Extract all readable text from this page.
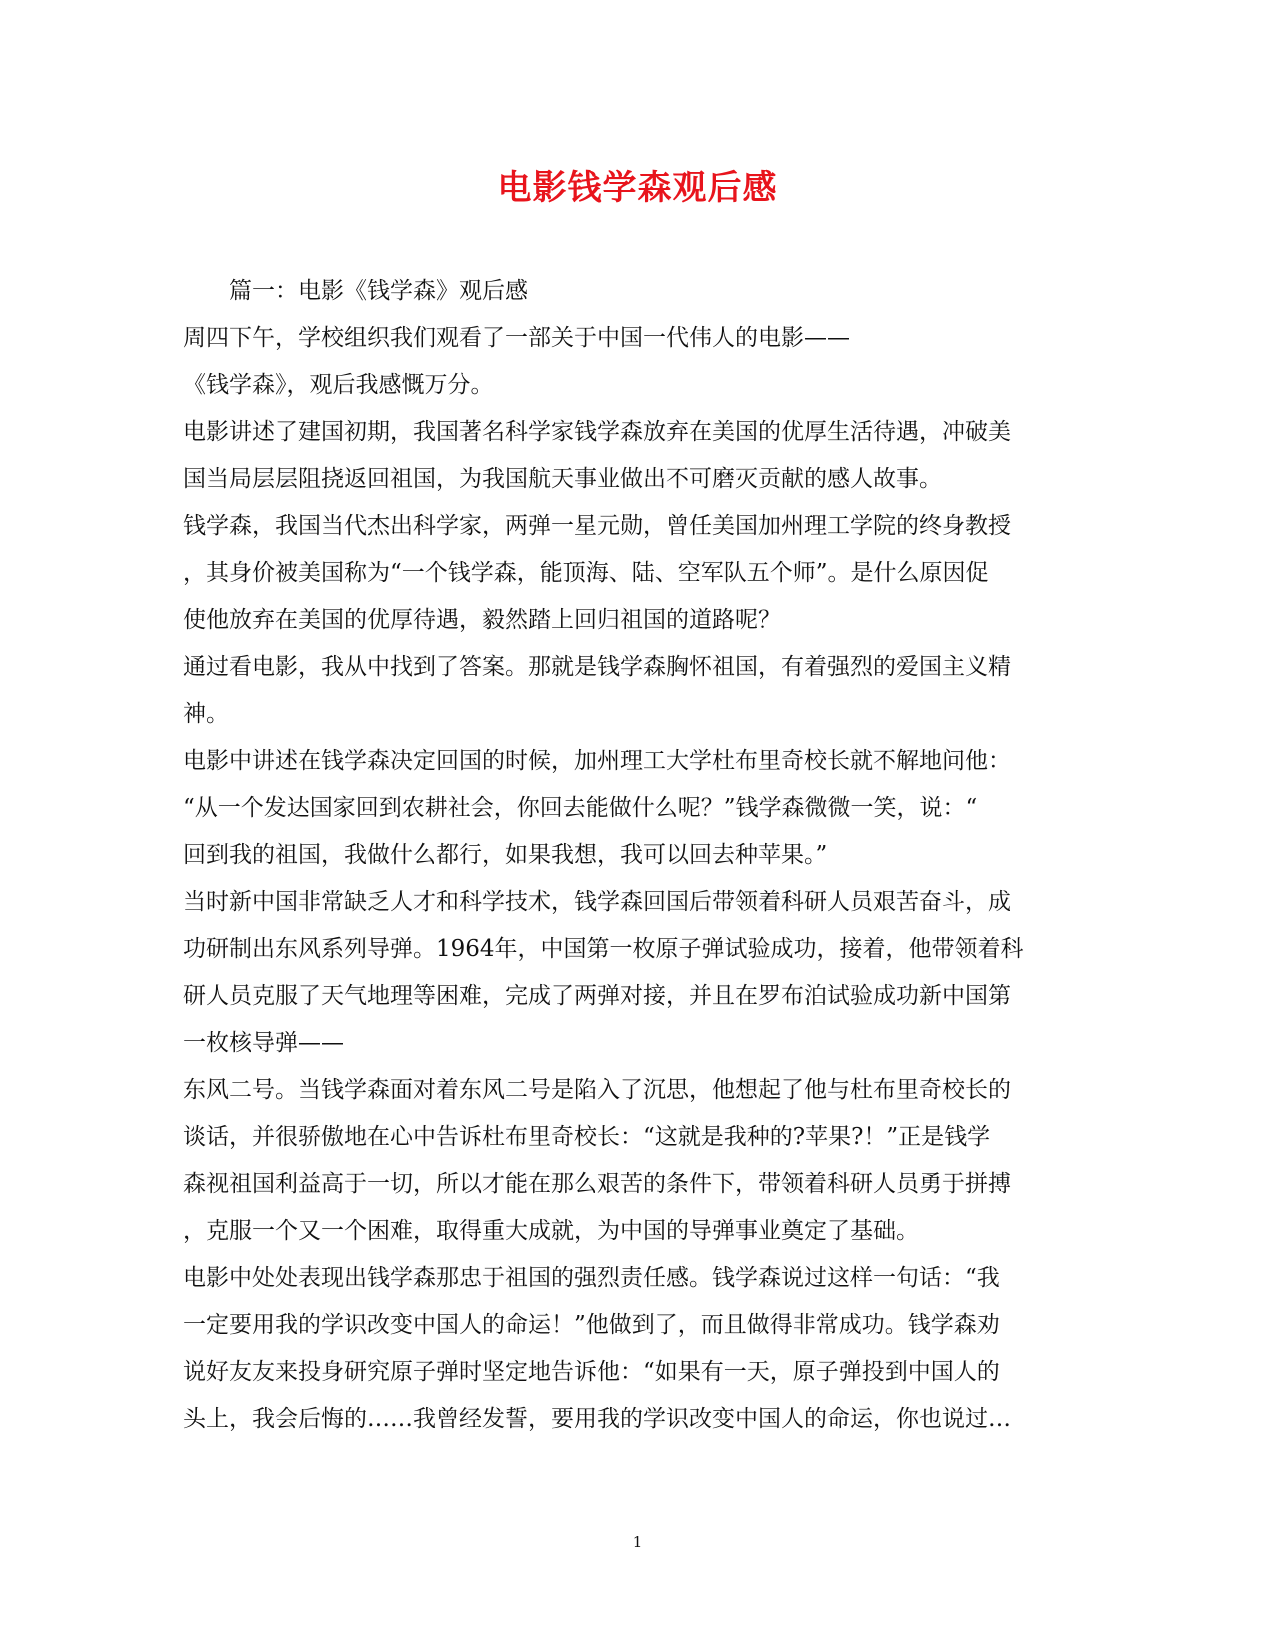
电影钱学森观后感
篇一：电影《钱学森》观后感
周四下午，学校组织我们观看了一部关于中国一代伟人的电影——
《钱学森》，观后我感慨万分。
电影讲述了建国初期，我国著名科学家钱学森放弃在美国的优厚生活待遇，冲破美
国当局层层阻挠返回祖国，为我国航天事业做出不可磨灭贡献的感人故事。
钱学森，我国当代杰出科学家，两弹一星元勋，曾任美国加州理工学院的终身教授
，其身价被美国称为“一个钱学森，能顶海、陆、空军队五个师”。是什么原因促
使他放弃在美国的优厚待遇，毅然踏上回归祖国的道路呢？
通过看电影，我从中找到了答案。那就是钱学森胸怀祖国，有着强烈的爱国主义精
神。
电影中讲述在钱学森决定回国的时候，加州理工大学杜布里奇校长就不解地问他：
“从一个发达国家回到农耕社会，你回去能做什么呢？”钱学森微微一笑，说：“
回到我的祖国，我做什么都行，如果我想，我可以回去种苹果。”
当时新中国非常缺乏人才和科学技术，钱学森回国后带领着科研人员艰苦奋斗，成
功研制出东风系列导弹。1964年，中国第一枚原子弹试验成功，接着，他带领着科
研人员克服了天气地理等困难，完成了两弹对接，并且在罗布泊试验成功新中国第
一枚核导弹——
东风二号。当钱学森面对着东风二号是陷入了沉思，他想起了他与杜布里奇校长的
谈话，并很骄傲地在心中告诉杜布里奇校长：“这就是我种的?苹果?！”正是钱学
森视祖国利益高于一切，所以才能在那么艰苦的条件下，带领着科研人员勇于拼搏
，克服一个又一个困难，取得重大成就，为中国的导弹事业奠定了基础。
电影中处处表现出钱学森那忠于祖国的强烈责任感。钱学森说过这样一句话：“我
一定要用我的学识改变中国人的命运！”他做到了，而且做得非常成功。钱学森劝
说好友友来投身研究原子弹时坚定地告诉他：“如果有一天，原子弹投到中国人的
头上，我会后悔的……我曾经发誓，要用我的学识改变中国人的命运，你也说过…
1
